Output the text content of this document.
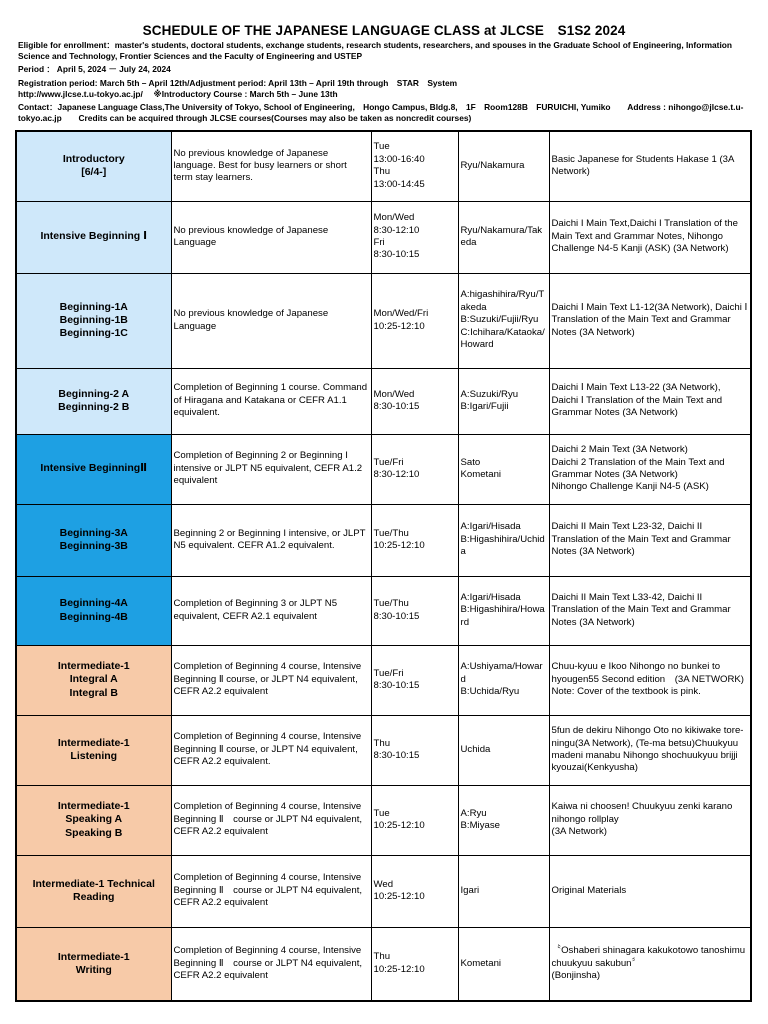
SCHEDULE OF THE JAPANESE LANGUAGE CLASS at JLCSE　S1S2 2024

Eligible for enrollment：master's students, doctoral students, exchange students, research students, researchers, and spouses in the Graduate School of Engineering, Information Science and Technology, Frontier Sciences and the Faculty of Engineering and USTEP

Period ： April 5, 2024 － July 24, 2024

Registration period: March 5th – April 12th/Adjustment period: April 13th – April 19th through　STAR　System

http://www.jlcse.t.u-tokyo.ac.jp/　 ※Introductory Course : March 5th – June 13th

Contact：Japanese Language Class,The University of Tokyo, School of Engineering,　Hongo Campus, Bldg.8,　1F　Room128B　FURUICHI, Yumiko　　Address : nihongo@jlcse.t.u-tokyo.ac.jp　　Credits can be acquired through JLCSE courses(Courses may also be taken as noncredit courses)

Introductory
[6/4-]	No previous knowledge of Japanese language. Best for busy learners or short term stay learners.	Tue
13:00-16:40
Thu
13:00-14:45	Ryu/Nakamura	Basic Japanese for Students Hakase 1 (3A Network)

Intensive Beginning Ⅰ	No previous knowledge of Japanese Language	Mon/Wed
8:30-12:10
Fri
8:30-10:15	Ryu/Nakamura/Takeda	Daichi I Main Text,Daichi I Translation of the Main Text and Grammar Notes, Nihongo Challenge N4-5 Kanji (ASK) (3A Network)

Beginning-1A
Beginning-1B
Beginning-1C	No previous knowledge of Japanese Language	Mon/Wed/Fri
10:25-12:10	A:higashihira/Ryu/Takeda
B:Suzuki/Fujii/Ryu
C:Ichihara/Kataoka/Howard	Daichi Ⅰ Main Text L1-12(3A Network), Daichi Ⅰ Translation of the Main Text and Grammar Notes (3A Network)

Beginning-2 A
Beginning-2 B	Completion of Beginning 1 course. Command of Hiragana and Katakana or CEFR A1.1 equivalent.	Mon/Wed
8:30-10:15	A:Suzuki/Ryu
B:Igari/Fujii	Daichi Ⅰ Main Text L13-22 (3A Network), Daichi Ⅰ Translation of the Main Text and Grammar Notes (3A Network)

Intensive BeginningⅡ	Completion of Beginning 2 or Beginning I intensive or JLPT N5 equivalent, CEFR A1.2 equivalent	Tue/Fri
8:30-12:10	Sato
Kometani	Daichi 2 Main Text (3A Network)
Daichi 2 Translation of the Main Text and Grammar Notes (3A Network)
Nihongo Challenge Kanji N4-5 (ASK)

Beginning-3A
Beginning-3B	Beginning 2 or Beginning I intensive, or JLPT N5 equivalent. CEFR A1.2 equivalent.	Tue/Thu
10:25-12:10	A:Igari/Hisada
B:Higashihira/Uchida	Daichi II Main Text L23-32, Daichi II Translation of the Main Text and Grammar Notes (3A Network)

Beginning-4A
Beginning-4B	Completion of Beginning 3 or JLPT N5 equivalent, CEFR A2.1 equivalent	Tue/Thu
8:30-10:15	A:Igari/Hisada
B:Higashihira/Howard	Daichi II Main Text L33-42, Daichi II Translation of the Main Text and Grammar Notes (3A Network)

Intermediate-1
Integral A
Integral B	Completion of Beginning 4 course, Intensive Beginning Ⅱ course, or JLPT N4 equivalent, CEFR A2.2 equivalent	Tue/Fri
8:30-10:15	A:Ushiyama/Howard
B:Uchida/Ryu	Chuu-kyuu e Ikoo Nihongo no bunkei to hyougen55 Second edition　(3A NETWORK)
Note: Cover of the textbook is pink.

Intermediate-1
Listening	Completion of Beginning 4 course, Intensive Beginning Ⅱ course, or JLPT N4 equivalent, CEFR A2.2 equivalent.	Thu
8:30-10:15	Uchida	5fun de dekiru Nihongo Oto no kikiwake tore-ningu(3A Network), (Te-ma betsu)Chuukyuu madeni manabu Nihongo shochuukyuu brijji kyouzai(Kenkyusha)

Intermediate-1
Speaking A
Speaking B	Completion of Beginning 4 course, Intensive Beginning Ⅱ　course or JLPT N4 equivalent, CEFR A2.2 equivalent	Tue
10:25-12:10	A:Ryu
B:Miyase	Kaiwa ni choosen! Chuukyuu zenki karano nihongo rollplay
(3A Network)

Intermediate-1 Technical
Reading	Completion of Beginning 4 course, Intensive Beginning Ⅱ　course or JLPT N4 equivalent, CEFR A2.2 equivalent	Wed
10:25-12:10	Igari	Original Materials

Intermediate-1
Writing	Completion of Beginning 4 course, Intensive Beginning Ⅱ　course or JLPT N4 equivalent, CEFR A2.2 equivalent	Thu
10:25-12:10	Kometani	〝Oshaberi shinagara kakukotowo tanoshimu chuukyuu sakubun〞
(Bonjinsha)
